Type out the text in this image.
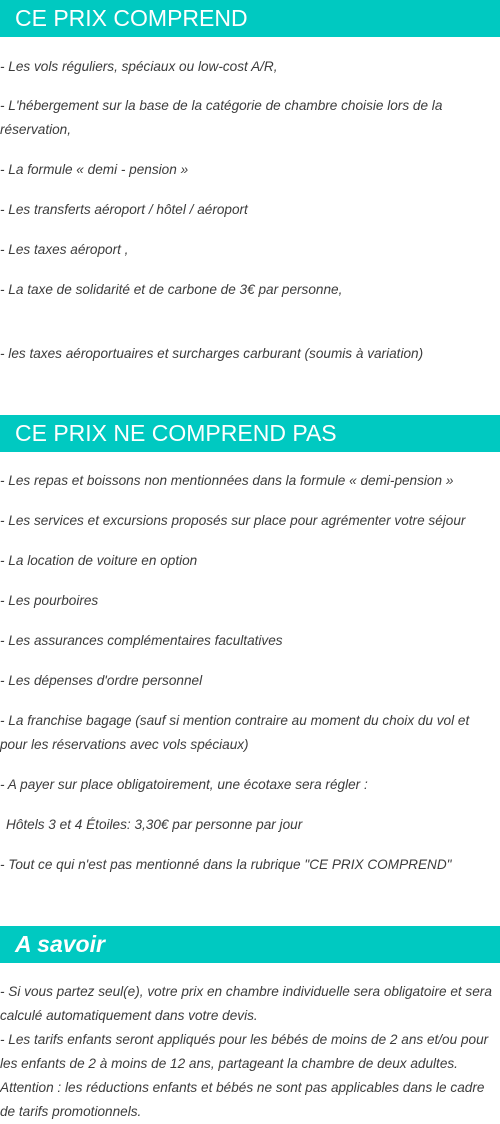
CE PRIX COMPREND

- Les vols réguliers, spéciaux ou low-cost A/R,

- L'hébergement sur la base de la catégorie de chambre choisie lors de la réservation,

- La formule « demi - pension »

- Les transferts aéroport / hôtel / aéroport

- Les taxes aéroport ,

- La taxe de solidarité et de carbone de 3€ par personne,

- les taxes aéroportuaires et surcharges carburant (soumis à variation)

CE PRIX NE COMPREND PAS

- Les repas et boissons non mentionnées dans la formule « demi-pension »

- Les services et excursions proposés sur place pour agrémenter votre séjour

- La location de voiture en option

- Les pourboires

- Les assurances complémentaires facultatives

- Les dépenses d'ordre personnel

- La franchise bagage (sauf si mention contraire au moment du choix du vol et pour les réservations avec vols spéciaux)

- A payer sur place obligatoirement, une écotaxe sera régler :

Hôtels 3 et 4 Étoiles: 3,30€ par personne par jour

- Tout ce qui n'est pas mentionné dans la rubrique "CE PRIX COMPREND"

A savoir

- Si vous partez seul(e), votre prix en chambre individuelle sera obligatoire et sera calculé automatiquement dans votre devis.

- Les tarifs enfants seront appliqués pour les bébés de moins de 2 ans et/ou pour les enfants de 2 à moins de 12 ans, partageant la chambre de deux adultes.

Attention : les réductions enfants et bébés ne sont pas applicables dans le cadre de tarifs promotionnels.
